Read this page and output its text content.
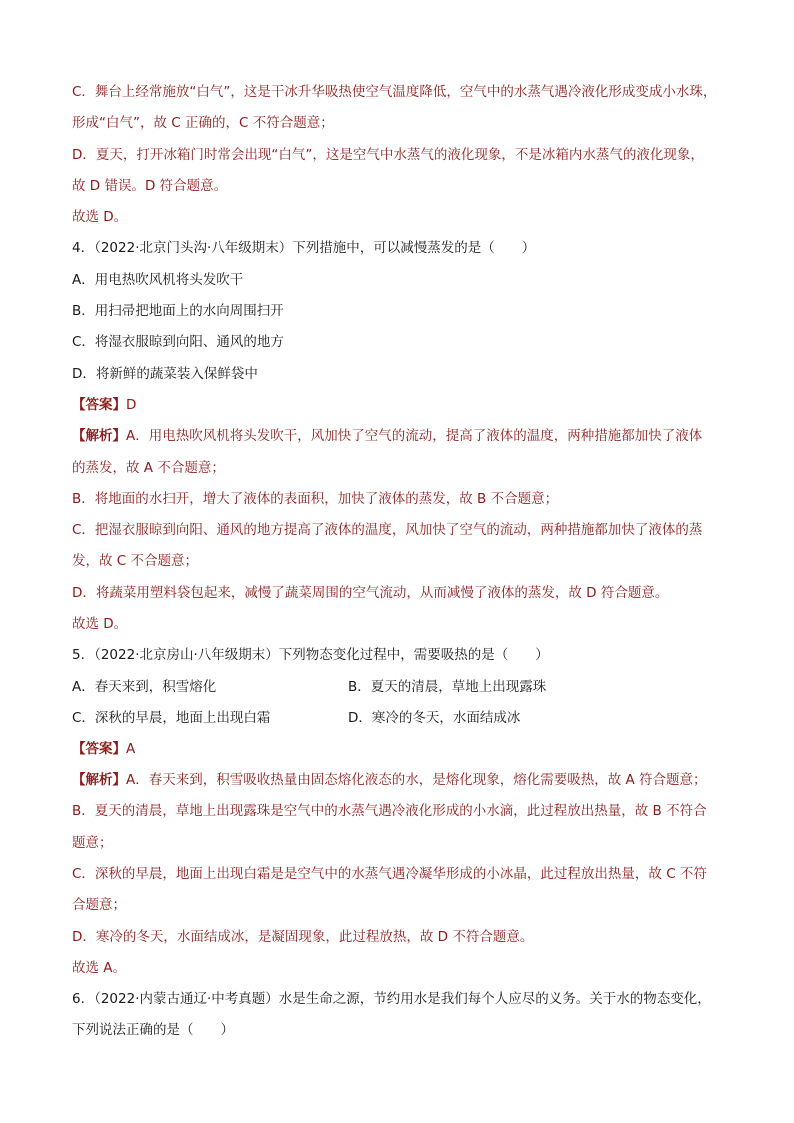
C．舞台上经常施放“白气”，这是干冰升华吸热使空气温度降低，空气中的水蒸气遇冷液化形成变成小水珠，
形成“白气”，故 C 正确的，C 不符合题意；
D．夏天，打开冰箱门时常会出现“白气”，这是空气中水蒸气的液化现象，不是冰箱内水蒸气的液化现象，
故 D 错误。D 符合题意。
故选 D。
4．（2022·北京门头沟·八年级期末）下列措施中，可以减慢蒸发的是（　　）
A．用电热吹风机将头发吹干
B．用扫帚把地面上的水向周围扫开
C．将湿衣服晾到向阳、通风的地方
D．将新鲜的蔬菜装入保鲜袋中
【答案】D
【解析】A．用电热吹风机将头发吹干，风加快了空气的流动，提高了液体的温度，两种措施都加快了液体
的蒸发，故 A 不合题意；
B．将地面的水扫开，增大了液体的表面积，加快了液体的蒸发，故 B 不合题意；
C．把湿衣服晾到向阳、通风的地方提高了液体的温度，风加快了空气的流动，两种措施都加快了液体的蒸
发，故 C 不合题意；
D．将蔬菜用塑料袋包起来，减慢了蔬菜周围的空气流动，从而减慢了液体的蒸发，故 D 符合题意。
故选 D。
5．（2022·北京房山·八年级期末）下列物态变化过程中，需要吸热的是（　　）
A．春天来到，积雪熔化	B．夏天的清晨，草地上出现露珠
C．深秋的早晨，地面上出现白霜	D．寒冷的冬天，水面结成冰
【答案】A
【解析】A．春天来到，积雪吸收热量由固态熔化液态的水，是熔化现象，熔化需要吸热，故 A 符合题意；
B．夏天的清晨，草地上出现露珠是空气中的水蒸气遇冷液化形成的小水滴，此过程放出热量，故 B 不符合
题意；
C．深秋的早晨，地面上出现白霜是是空气中的水蒸气遇冷凝华形成的小冰晶，此过程放出热量，故 C 不符
合题意；
D．寒冷的冬天，水面结成冰，是凝固现象，此过程放热，故 D 不符合题意。
故选 A。
6．（2022·内蒙古通辽·中考真题）水是生命之源，节约用水是我们每个人应尽的义务。关于水的物态变化，
下列说法正确的是（　　）
